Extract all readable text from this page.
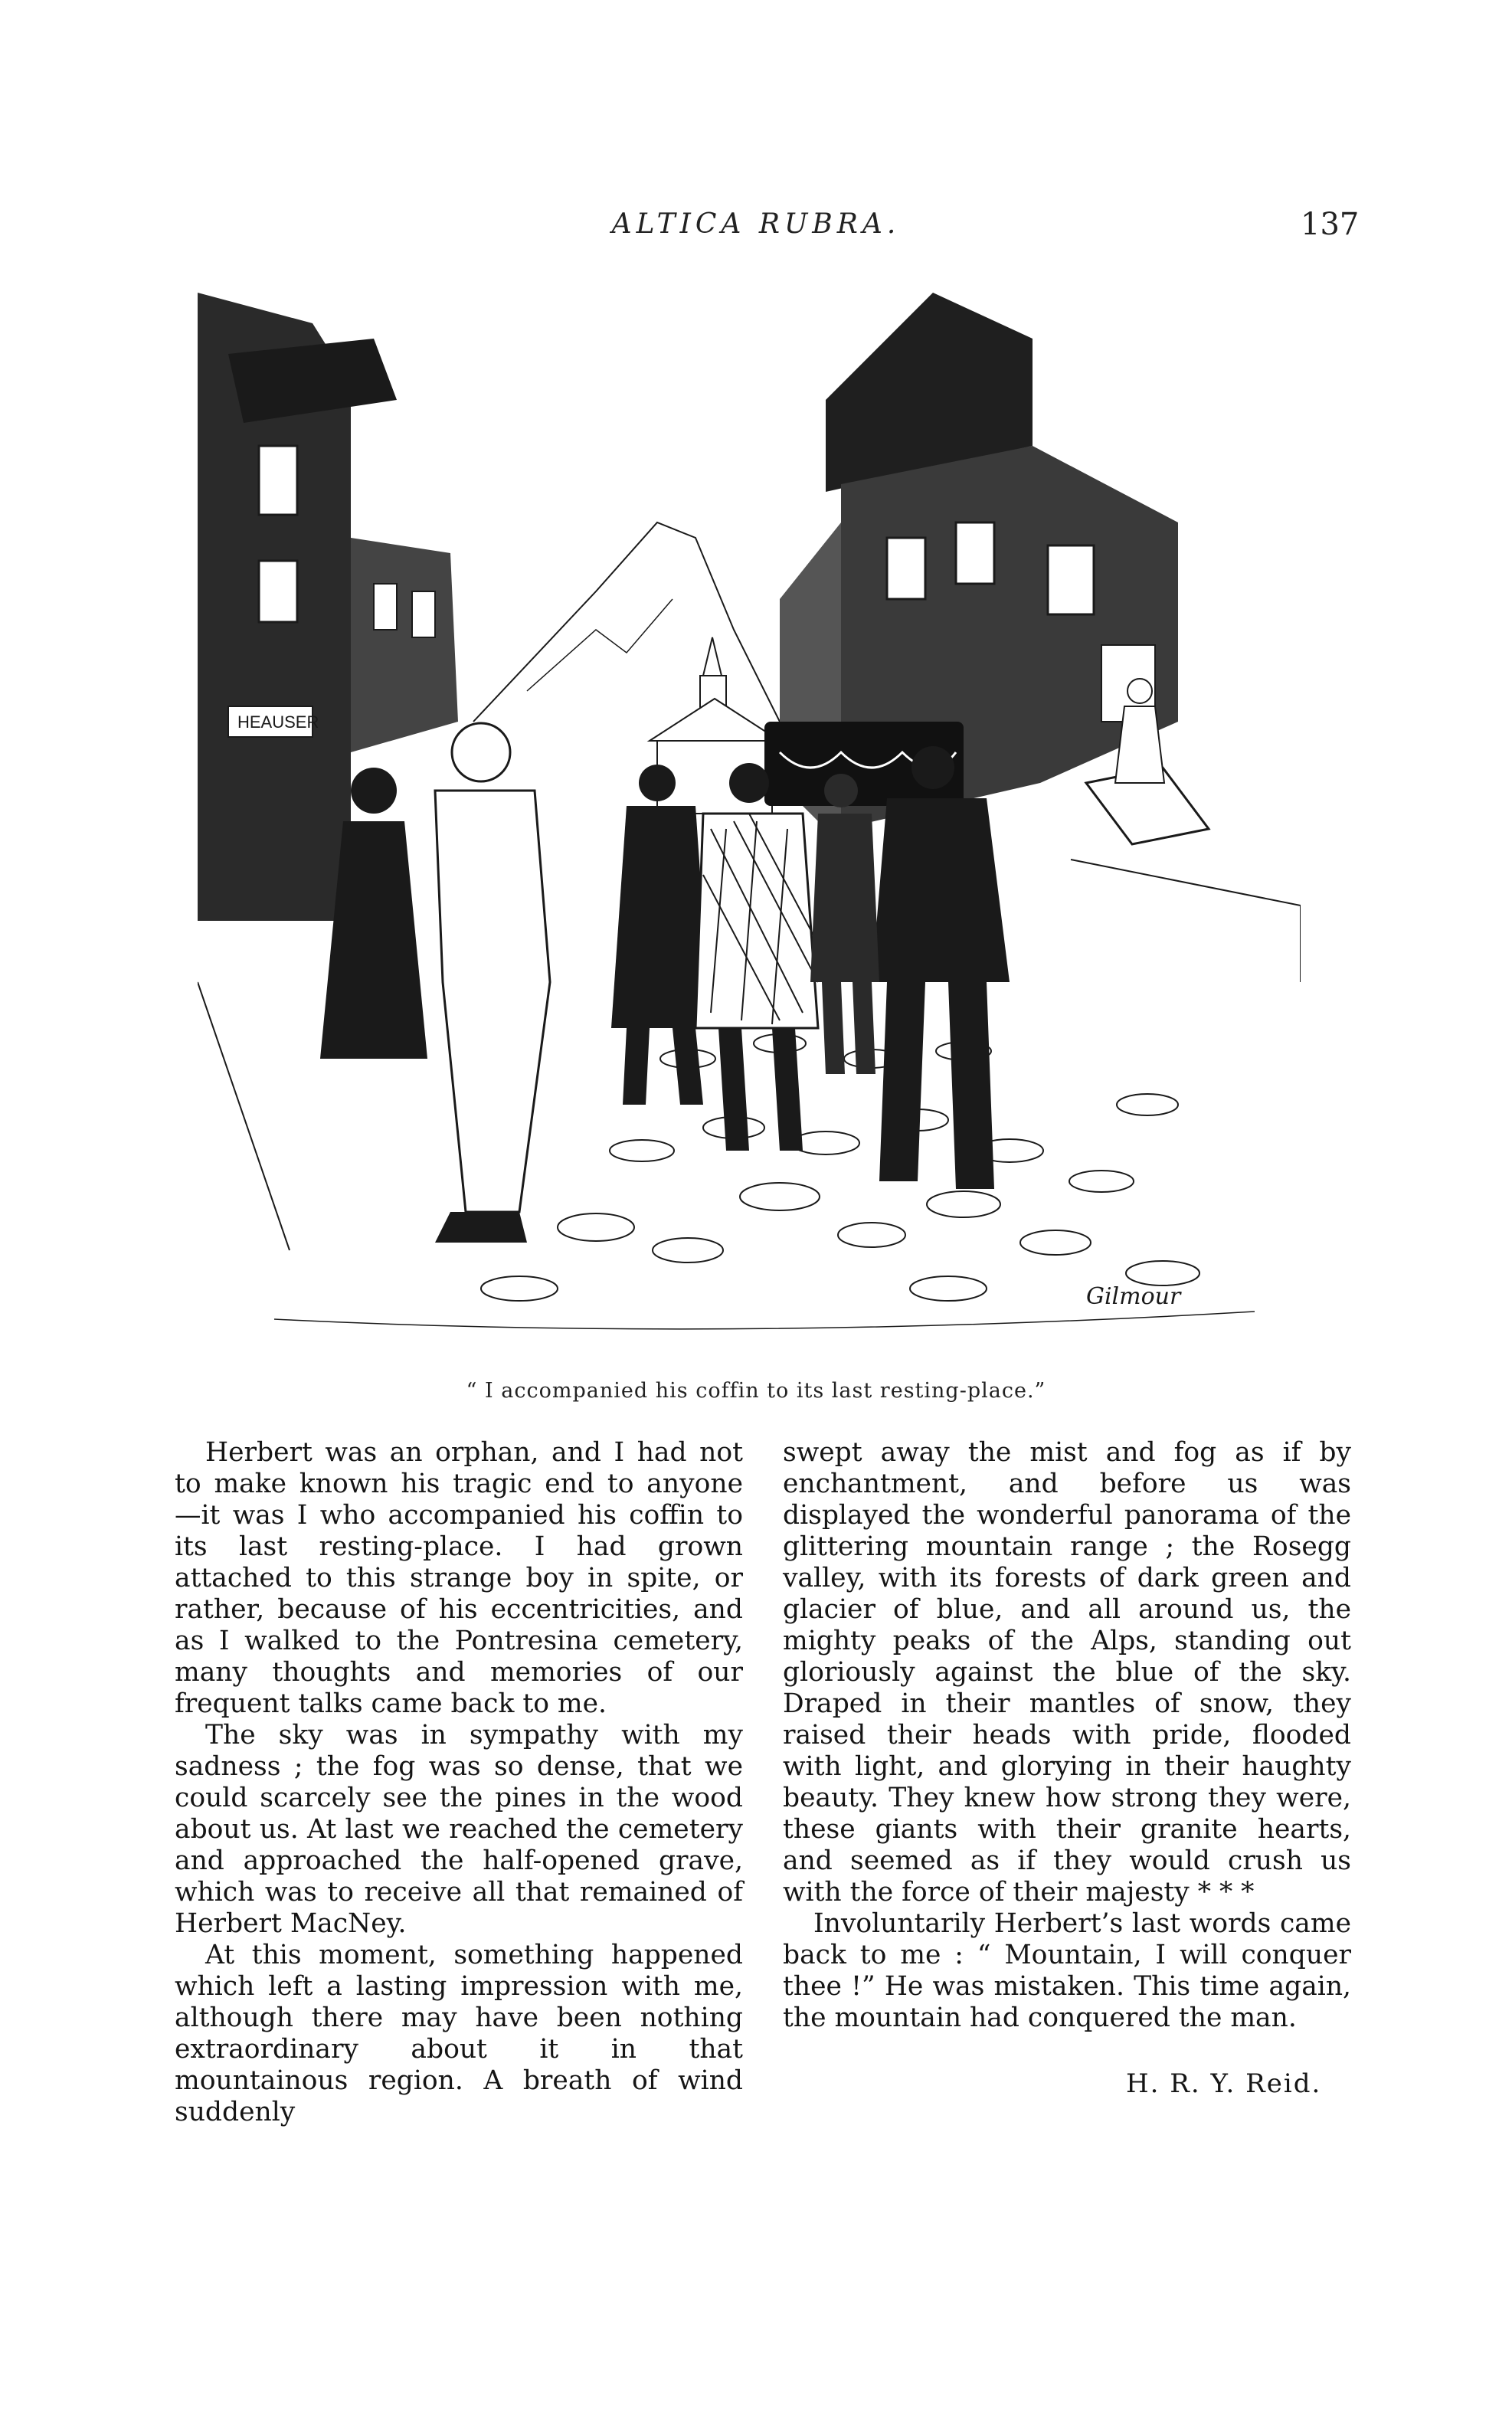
ALTICA RUBRA.	137
HEAUSER
Gilmour
“ I accompanied his coffin to its last resting-place.”

Herbert was an orphan, and I had not to make known his tragic end to anyone —it was I who accompanied his coffin to its last resting-place. I had grown attached to this strange boy in spite, or rather, because of his eccentricities, and as I walked to the Pontresina cemetery, many thoughts and memories of our frequent talks came back to me.

The sky was in sympathy with my sadness ; the fog was so dense, that we could scarcely see the pines in the wood about us. At last we reached the cemetery and approached the half-opened grave, which was to receive all that remained of Herbert MacNey.

At this moment, something happened which left a lasting impression with me, although there may have been nothing extraordinary about it in that mountainous region. A breath of wind suddenly

swept away the mist and fog as if by enchantment, and before us was displayed the wonderful panorama of the glittering mountain range ; the Rosegg valley, with its forests of dark green and glacier of blue, and all around us, the mighty peaks of the Alps, standing out gloriously against the blue of the sky. Draped in their mantles of snow, they raised their heads with pride, flooded with light, and glorying in their haughty beauty. They knew how strong they were, these giants with their granite hearts, and seemed as if they would crush us with the force of their majesty * * *

Involuntarily Herbert’s last words came back to me : “ Mountain, I will conquer thee !” He was mistaken. This time again, the mountain had conquered the man.

H. R. Y. Reid.
